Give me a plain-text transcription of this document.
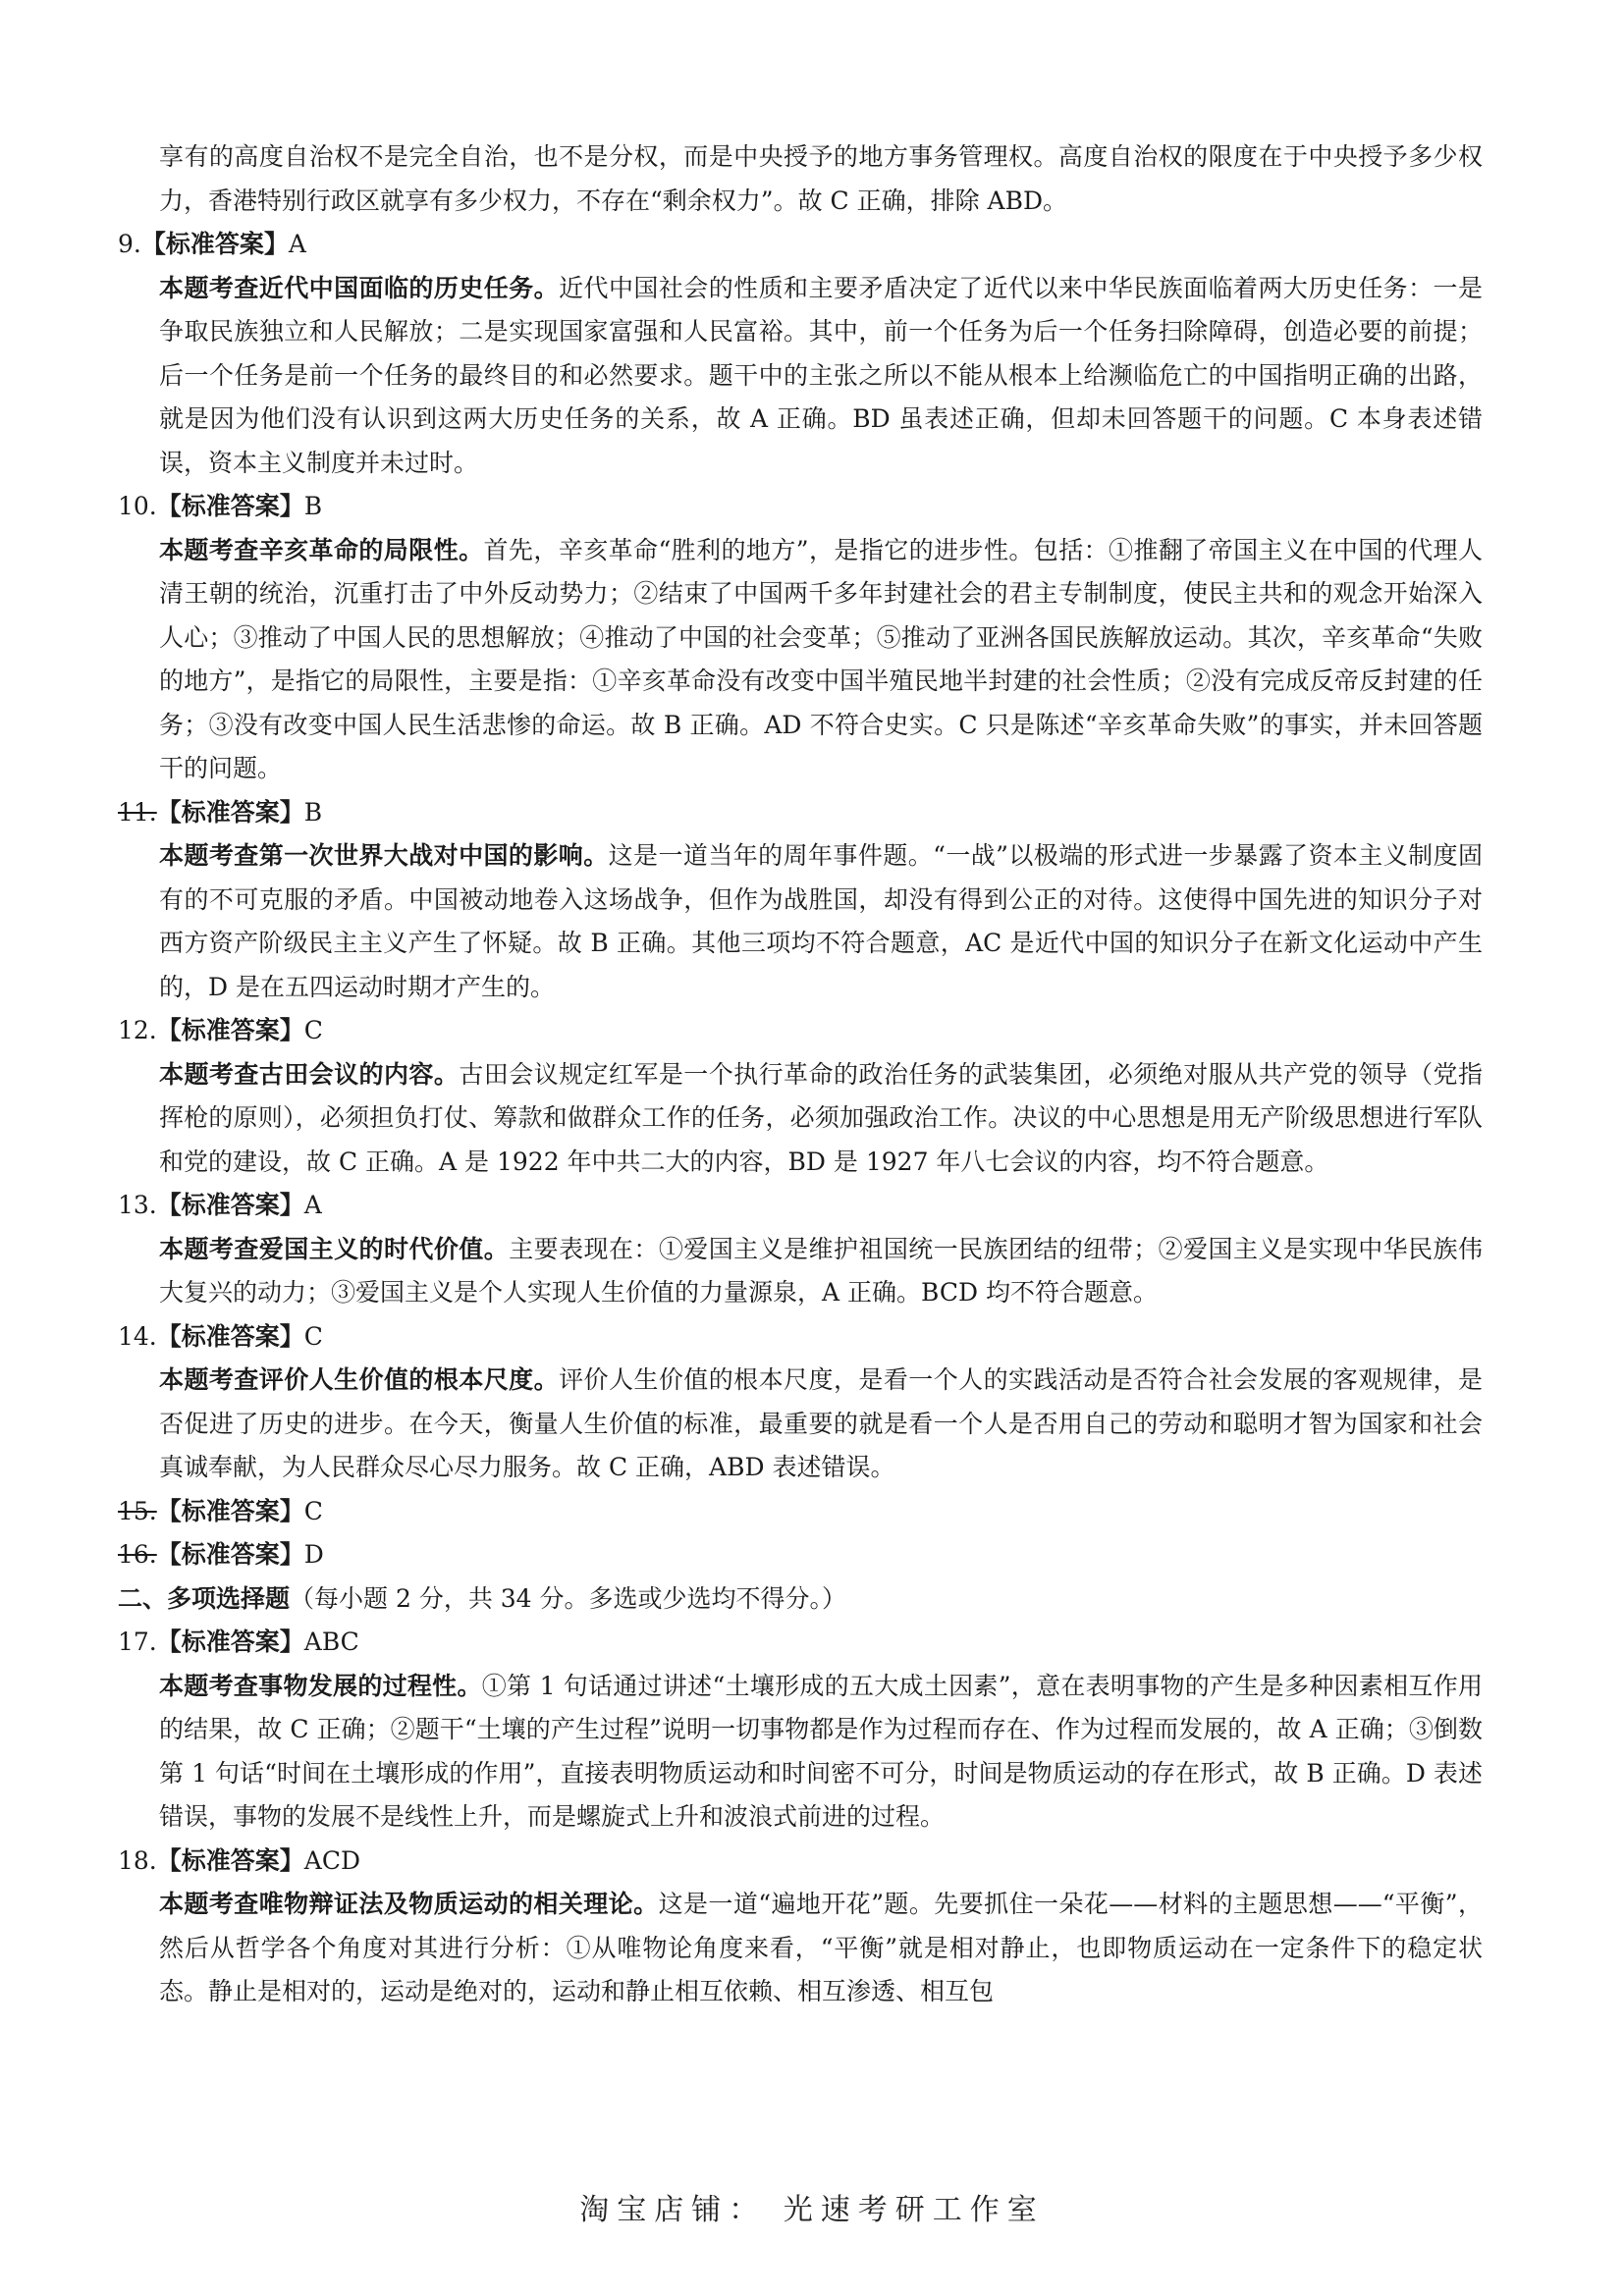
享有的高度自治权不是完全自治，也不是分权，而是中央授予的地方事务管理权。高度自治权的限度在于中央授予多少权力，香港特别行政区就享有多少权力，不存在“剩余权力”。故 C 正确，排除 ABD。

9.【标准答案】A

本题考查近代中国面临的历史任务。近代中国社会的性质和主要矛盾决定了近代以来中华民族面临着两大历史任务：一是争取民族独立和人民解放；二是实现国家富强和人民富裕。其中，前一个任务为后一个任务扫除障碍，创造必要的前提；后一个任务是前一个任务的最终目的和必然要求。题干中的主张之所以不能从根本上给濒临危亡的中国指明正确的出路，就是因为他们没有认识到这两大历史任务的关系，故 A 正确。BD 虽表述正确，但却未回答题干的问题。C 本身表述错误，资本主义制度并未过时。

10.【标准答案】B

本题考查辛亥革命的局限性。首先，辛亥革命“胜利的地方”，是指它的进步性。包括：①推翻了帝国主义在中国的代理人清王朝的统治，沉重打击了中外反动势力；②结束了中国两千多年封建社会的君主专制制度，使民主共和的观念开始深入人心；③推动了中国人民的思想解放；④推动了中国的社会变革；⑤推动了亚洲各国民族解放运动。其次，辛亥革命“失败的地方”，是指它的局限性，主要是指：①辛亥革命没有改变中国半殖民地半封建的社会性质；②没有完成反帝反封建的任务；③没有改变中国人民生活悲惨的命运。故 B 正确。AD 不符合史实。C 只是陈述“辛亥革命失败”的事实，并未回答题干的问题。

11.【标准答案】B

本题考查第一次世界大战对中国的影响。这是一道当年的周年事件题。“一战”以极端的形式进一步暴露了资本主义制度固有的不可克服的矛盾。中国被动地卷入这场战争，但作为战胜国，却没有得到公正的对待。这使得中国先进的知识分子对西方资产阶级民主主义产生了怀疑。故 B 正确。其他三项均不符合题意，AC 是近代中国的知识分子在新文化运动中产生的，D 是在五四运动时期才产生的。

12.【标准答案】C

本题考查古田会议的内容。古田会议规定红军是一个执行革命的政治任务的武装集团，必须绝对服从共产党的领导（党指挥枪的原则），必须担负打仗、筹款和做群众工作的任务，必须加强政治工作。决议的中心思想是用无产阶级思想进行军队和党的建设，故 C 正确。A 是 1922 年中共二大的内容，BD 是 1927 年八七会议的内容，均不符合题意。

13.【标准答案】A

本题考查爱国主义的时代价值。主要表现在：①爱国主义是维护祖国统一民族团结的纽带；②爱国主义是实现中华民族伟大复兴的动力；③爱国主义是个人实现人生价值的力量源泉，A 正确。BCD 均不符合题意。

14.【标准答案】C

本题考查评价人生价值的根本尺度。评价人生价值的根本尺度，是看一个人的实践活动是否符合社会发展的客观规律，是否促进了历史的进步。在今天，衡量人生价值的标准，最重要的就是看一个人是否用自己的劳动和聪明才智为国家和社会真诚奉献，为人民群众尽心尽力服务。故 C 正确，ABD 表述错误。

15.【标准答案】C

16.【标准答案】D

二、多项选择题（每小题 2 分，共 34 分。多选或少选均不得分。）

17.【标准答案】ABC

本题考查事物发展的过程性。①第 1 句话通过讲述“土壤形成的五大成土因素”，意在表明事物的产生是多种因素相互作用的结果，故 C 正确；②题干“土壤的产生过程”说明一切事物都是作为过程而存在、作为过程而发展的，故 A 正确；③倒数第 1 句话“时间在土壤形成的作用”，直接表明物质运动和时间密不可分，时间是物质运动的存在形式，故 B 正确。D 表述错误，事物的发展不是线性上升，而是螺旋式上升和波浪式前进的过程。

18.【标准答案】ACD

本题考查唯物辩证法及物质运动的相关理论。这是一道“遍地开花”题。先要抓住一朵花——材料的主题思想——“平衡”，然后从哲学各个角度对其进行分析：①从唯物论角度来看，“平衡”就是相对静止，也即物质运动在一定条件下的稳定状态。静止是相对的，运动是绝对的，运动和静止相互依赖、相互渗透、相互包

淘宝店铺： 光速考研工作室
